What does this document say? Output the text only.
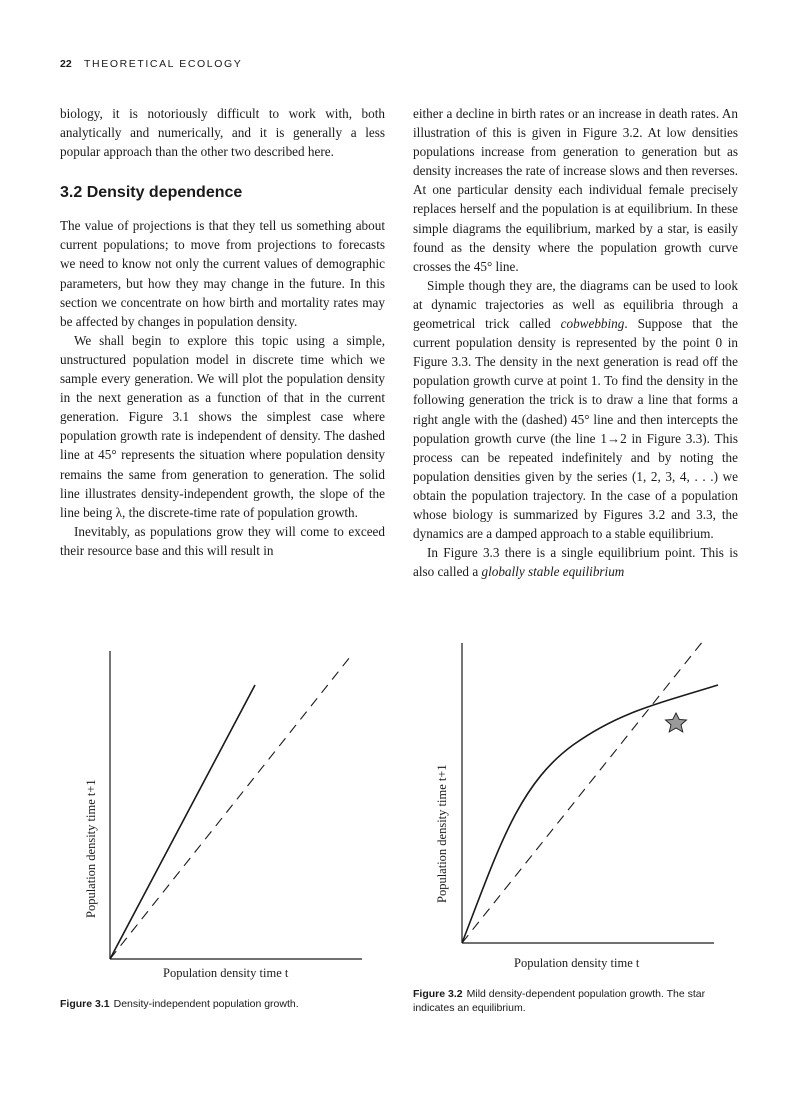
22 THEORETICAL ECOLOGY

biology, it is notoriously difficult to work with, both analytically and numerically, and it is generally a less popular approach than the other two described here.

3.2 Density dependence

The value of projections is that they tell us something about current populations; to move from projections to forecasts we need to know not only the current values of demographic parameters, but how they may change in the future. In this section we concentrate on how birth and mortality rates may be affected by changes in population density.

We shall begin to explore this topic using a simple, unstructured population model in discrete time which we sample every generation. We will plot the population density in the next generation as a function of that in the current generation. Figure 3.1 shows the simplest case where population growth rate is independent of density. The dashed line at 45° represents the situation where population density remains the same from generation to generation. The solid line illustrates density-independent growth, the slope of the line being λ, the discrete-time rate of population growth.

Inevitably, as populations grow they will come to exceed their resource base and this will result in

either a decline in birth rates or an increase in death rates. An illustration of this is given in Figure 3.2. At low densities populations increase from generation to generation but as density increases the rate of increase slows and then reverses. At one particular density each individual female precisely replaces herself and the population is at equilibrium. In these simple diagrams the equilibrium, marked by a star, is easily found as the density where the population growth curve crosses the 45° line.

Simple though they are, the diagrams can be used to look at dynamic trajectories as well as equilibria through a geometrical trick called cobwebbing. Suppose that the current population density is represented by the point 0 in Figure 3.3. The density in the next generation is read off the population growth curve at point 1. To find the density in the following generation the trick is to draw a line that forms a right angle with the (dashed) 45° line and then intercepts the population growth curve (the line 1→2 in Figure 3.3). This process can be repeated indefinitely and by noting the population densities given by the series (1, 2, 3, 4, . . .) we obtain the population trajectory. In the case of a population whose biology is summarized by Figures 3.2 and 3.3, the dynamics are a damped approach to a stable equilibrium.

In Figure 3.3 there is a single equilibrium point. This is also called a globally stable equilibrium

Population density time t+1
Population density time t
Figure 3.1 Density-independent population growth.
Population density time t+1
Population density time t
Figure 3.2 Mild density-dependent population growth. The star indicates an equilibrium.
